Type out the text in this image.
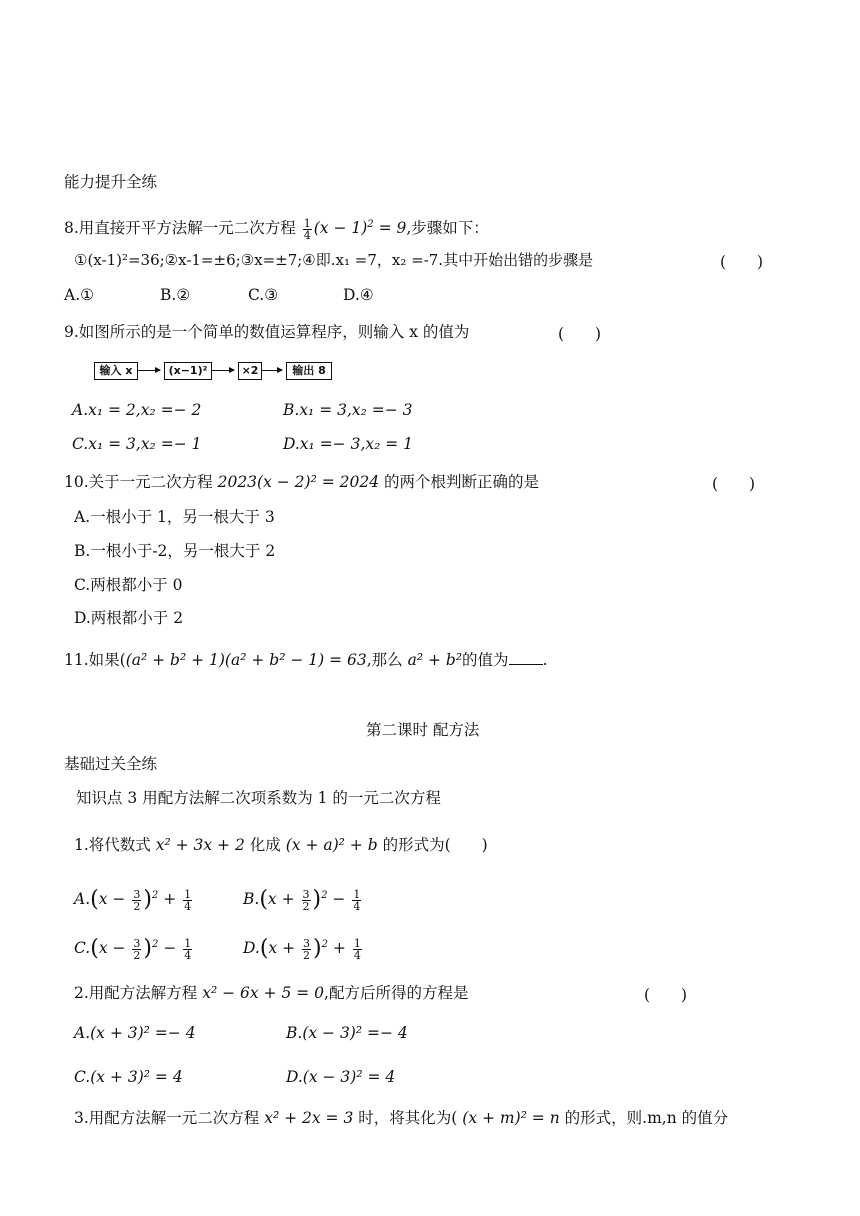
能力提升全练
8.用直接开平方法解一元二次方程 $\frac{1}{4} (x - 1)^2 = 9$,步骤如下：
①(x-1)²=36;②x-1=±6;③x=±7;④即.x₁ =7，x₂ =-7.其中开始出错的步骤是	(　　)
A.①	B.②	C.③	D.④
9.如图所示的是一个简单的数值运算程序，则输入 x 的值为	(　　)
输入 x	(x−1)²	×2	输出 8
A.x₁ = 2,x₂ =− 2	B.x₁ = 3,x₂ =− 3
C.x₁ = 3,x₂ =− 1	D.x₁ =− 3,x₂ = 1
10.关于一元二次方程 2023(x − 2)² = 2024 的两个根判断正确的是	(　　)
A.一根小于 1，另一根大于 3
B.一根小于-2，另一根大于 2
C.两根都小于 0
D.两根都小于 2
11.如果((a² + b² + 1)(a² + b² − 1) = 63,那么 a² + b²的值为 .
第二课时 配方法
基础过关全练
知识点 3 用配方法解二次项系数为 1 的一元二次方程
1.将代数式 x² + 3x + 2 化成 (x + a)² + b 的形式为(　　)
$A.(x - \frac{3}{2} )^2 + \frac{1}{4}$	$B.(x + \frac{3}{2} )^2 - \frac{1}{4}$
$C.(x - \frac{3}{2} )^2 - \frac{1}{4}$	$D.(x + \frac{3}{2} )^2 + \frac{1}{4}$
2.用配方法解方程 x² − 6x + 5 = 0,配方后所得的方程是	(　　)
A.(x + 3)² =− 4	B.(x − 3)² =− 4
C.(x + 3)² = 4	D.(x − 3)² = 4
3.用配方法解一元二次方程 x² + 2x = 3 时，将其化为( (x + m)² = n 的形式，则.m,n 的值分
